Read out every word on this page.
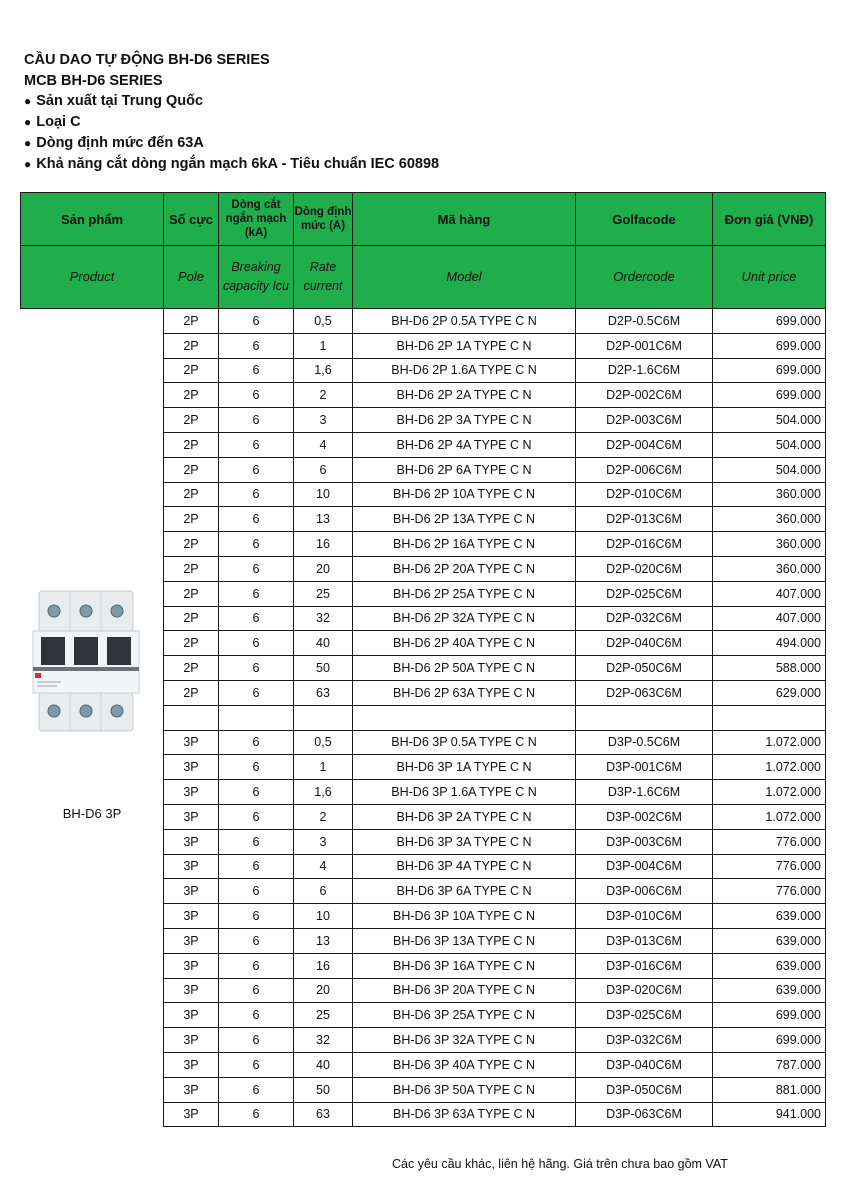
CẦU DAO TỰ ĐỘNG BH-D6 SERIES
MCB BH-D6 SERIES
● Sản xuất tại Trung Quốc
● Loại C
● Dòng định mức đến 63A
● Khả năng cắt dòng ngắn mạch 6kA - Tiêu chuẩn IEC 60898
Sản phẩm	Số cực	Dòng cắt ngắn mạch (kA)	Dòng định mức (A)	Mã hàng	Golfacode	Đơn giá (VNĐ)
Product	Pole	Breaking capacity Icu	Rate current	Model	Ordercode	Unit price

BH-D6 3P	2P	6	0,5	BH-D6 2P 0.5A TYPE C N	D2P-0.5C6M	699.000
	2P	6	1	BH-D6 2P 1A TYPE C N	D2P-001C6M	699.000
	2P	6	1,6	BH-D6 2P 1.6A TYPE C N	D2P-1.6C6M	699.000
	2P	6	2	BH-D6 2P 2A TYPE C N	D2P-002C6M	699.000
	2P	6	3	BH-D6 2P 3A TYPE C N	D2P-003C6M	504.000
	2P	6	4	BH-D6 2P 4A TYPE C N	D2P-004C6M	504.000
	2P	6	6	BH-D6 2P 6A TYPE C N	D2P-006C6M	504.000
	2P	6	10	BH-D6 2P 10A TYPE C N	D2P-010C6M	360.000
	2P	6	13	BH-D6 2P 13A TYPE C N	D2P-013C6M	360.000
	2P	6	16	BH-D6 2P 16A TYPE C N	D2P-016C6M	360.000
	2P	6	20	BH-D6 2P 20A TYPE C N	D2P-020C6M	360.000
	2P	6	25	BH-D6 2P 25A TYPE C N	D2P-025C6M	407.000
	2P	6	32	BH-D6 2P 32A TYPE C N	D2P-032C6M	407.000
	2P	6	40	BH-D6 2P 40A TYPE C N	D2P-040C6M	494.000
	2P	6	50	BH-D6 2P 50A TYPE C N	D2P-050C6M	588.000
	2P	6	63	BH-D6 2P 63A TYPE C N	D2P-063C6M	629.000

	3P	6	0,5	BH-D6 3P 0.5A TYPE C N	D3P-0.5C6M	1.072.000
	3P	6	1	BH-D6 3P 1A TYPE C N	D3P-001C6M	1.072.000
	3P	6	1,6	BH-D6 3P 1.6A TYPE C N	D3P-1.6C6M	1.072.000
	3P	6	2	BH-D6 3P 2A TYPE C N	D3P-002C6M	1.072.000
	3P	6	3	BH-D6 3P 3A TYPE C N	D3P-003C6M	776.000
	3P	6	4	BH-D6 3P 4A TYPE C N	D3P-004C6M	776.000
	3P	6	6	BH-D6 3P 6A TYPE C N	D3P-006C6M	776.000
	3P	6	10	BH-D6 3P 10A TYPE C N	D3P-010C6M	639.000
	3P	6	13	BH-D6 3P 13A TYPE C N	D3P-013C6M	639.000
	3P	6	16	BH-D6 3P 16A TYPE C N	D3P-016C6M	639.000
	3P	6	20	BH-D6 3P 20A TYPE C N	D3P-020C6M	639.000
	3P	6	25	BH-D6 3P 25A TYPE C N	D3P-025C6M	699.000
	3P	6	32	BH-D6 3P 32A TYPE C N	D3P-032C6M	699.000
	3P	6	40	BH-D6 3P 40A TYPE C N	D3P-040C6M	787.000
	3P	6	50	BH-D6 3P 50A TYPE C N	D3P-050C6M	881.000
	3P	6	63	BH-D6 3P 63A TYPE C N	D3P-063C6M	941.000
Các yêu cầu khác, liên hệ hãng. Giá trên chưa bao gồm VAT
